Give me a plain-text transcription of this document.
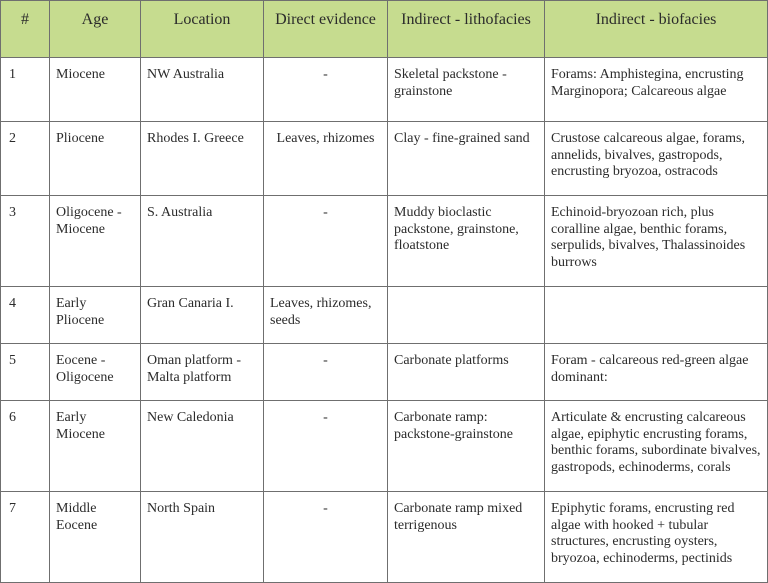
#	Age	Location	Direct evidence	Indirect - lithofacies	Indirect - biofacies

1	Miocene	NW Australia	-	Skeletal packstone - grainstone	Forams: Amphistegina, encrusting Marginopora; Calcareous algae
2	Pliocene	Rhodes I. Greece	Leaves, rhizomes	Clay - fine-grained sand	Crustose calcareous algae, forams, annelids, bivalves, gastropods, encrusting bryozoa, ostracods
3	Oligocene - Miocene	S. Australia	-	Muddy bioclastic packstone, grainstone, floatstone	Echinoid-bryozoan rich, plus coralline algae, benthic forams, serpulids, bivalves, Thalassinoides burrows
4	Early Pliocene	Gran Canaria I.	Leaves, rhizomes, seeds		
5	Eocene - Oligocene	Oman platform - Malta platform	-	Carbonate platforms	Foram - calcareous red-green algae dominant:
6	Early Miocene	New Caledonia	-	Carbonate ramp: packstone-grainstone	Articulate & encrusting calcareous algae, epiphytic encrusting forams, benthic forams, subordinate bivalves, gastropods, echinoderms, corals
7	Middle Eocene	North Spain	-	Carbonate ramp mixed terrigenous	Epiphytic forams, encrusting red algae with hooked + tubular structures, encrusting oysters, bryozoa, echinoderms, pectinids
